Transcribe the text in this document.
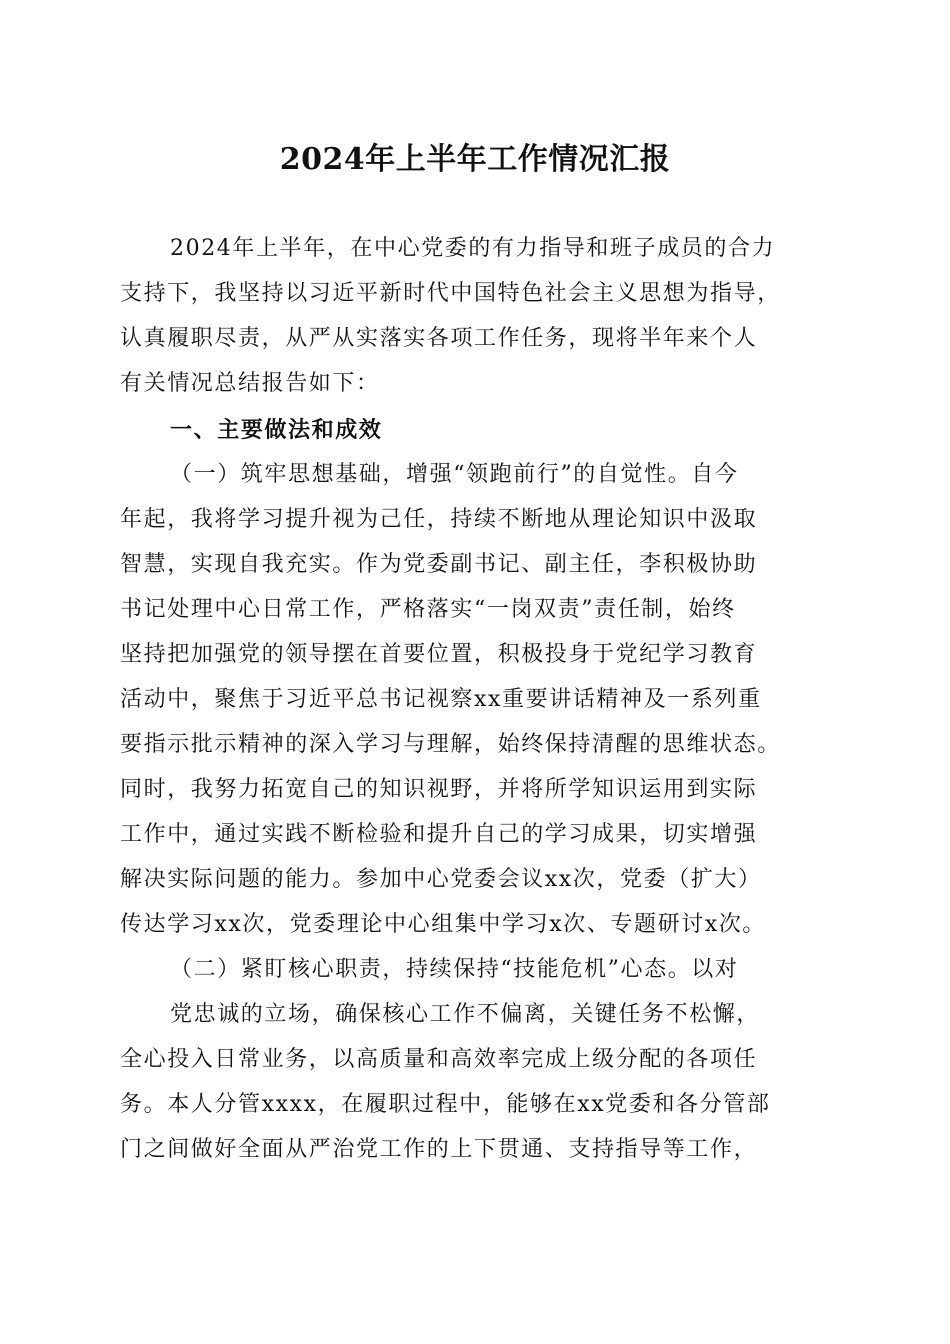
2024年上半年工作情况汇报
2024年上半年，在中心党委的有力指导和班子成员的合力
支持下，我坚持以习近平新时代中国特色社会主义思想为指导，
认真履职尽责，从严从实落实各项工作任务，现将半年来个人
有关情况总结报告如下：
一、主要做法和成效
（一）筑牢思想基础，增强“领跑前行”的自觉性。自今
年起，我将学习提升视为己任，持续不断地从理论知识中汲取
智慧，实现自我充实。作为党委副书记、副主任，李积极协助
书记处理中心日常工作，严格落实“一岗双责”责任制，始终
坚持把加强党的领导摆在首要位置，积极投身于党纪学习教育
活动中，聚焦于习近平总书记视察xx重要讲话精神及一系列重
要指示批示精神的深入学习与理解，始终保持清醒的思维状态。
同时，我努力拓宽自己的知识视野，并将所学知识运用到实际
工作中，通过实践不断检验和提升自己的学习成果，切实增强
解决实际问题的能力。参加中心党委会议xx次，党委（扩大）
传达学习xx次，党委理论中心组集中学习x次、专题研讨x次。
（二）紧盯核心职责，持续保持“技能危机”心态。以对
党忠诚的立场，确保核心工作不偏离，关键任务不松懈，
全心投入日常业务，以高质量和高效率完成上级分配的各项任
务。本人分管xxxx，在履职过程中，能够在xx党委和各分管部
门之间做好全面从严治党工作的上下贯通、支持指导等工作，
